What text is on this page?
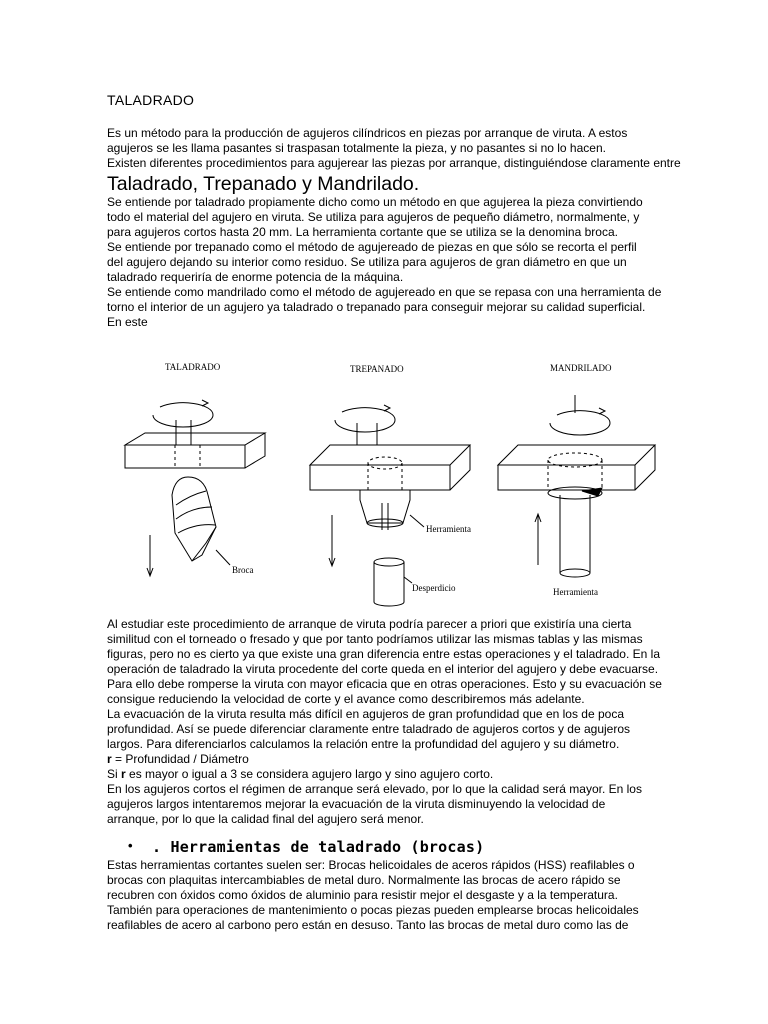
TALADRADO
Es un método para la producción de agujeros cilíndricos en piezas por arranque de viruta. A estos
agujeros se les llama pasantes si traspasan totalmente la pieza, y no pasantes si no lo hacen.
Existen diferentes procedimientos para agujerear las piezas por arranque, distinguiéndose claramente entre
Taladrado, Trepanado y Mandrilado.
Se entiende por taladrado propiamente dicho como un método en que agujerea la pieza convirtiendo
todo el material del agujero en viruta. Se utiliza para agujeros de pequeño diámetro, normalmente, y
para agujeros cortos hasta 20 mm. La herramienta cortante que se utiliza se la denomina broca.
Se entiende por trepanado como el método de agujereado de piezas en que sólo se recorta el perfil
del agujero dejando su interior como residuo. Se utiliza para agujeros de gran diámetro en que un
taladrado requeriría de enorme potencia de la máquina.
Se entiende como mandrilado como el método de agujereado en que se repasa con una herramienta de
torno el interior de un agujero ya taladrado o trepanado para conseguir mejorar su calidad superficial.
En este
TALADRADO
Broca
TREPANADO
Herramienta
Desperdicio
MANDRILADO
Herramienta
Al estudiar este procedimiento de arranque de viruta podría parecer a priori que existiría una cierta
similitud con el torneado o fresado y que por tanto podríamos utilizar las mismas tablas y las mismas
figuras, pero no es cierto ya que existe una gran diferencia entre estas operaciones y el taladrado. En la
operación de taladrado la viruta procedente del corte queda en el interior del agujero y debe evacuarse.
Para ello debe romperse la viruta con mayor eficacia que en otras operaciones. Esto y su evacuación se
consigue reduciendo la velocidad de corte y el avance como describiremos más adelante.
La evacuación de la viruta resulta más difícil en agujeros de gran profundidad que en los de poca
profundidad. Así se puede diferenciar claramente entre taladrado de agujeros cortos y de agujeros
largos. Para diferenciarlos calculamos la relación entre la profundidad del agujero y su diámetro.
r = Profundidad / Diámetro
Si r es mayor o igual a 3 se considera agujero largo y sino agujero corto.
En los agujeros cortos el régimen de arranque será elevado, por lo que la calidad será mayor. En los
agujeros largos intentaremos mejorar la evacuación de la viruta disminuyendo la velocidad de
arranque, por lo que la calidad final del agujero será menor.
• . Herramientas de taladrado (brocas)
Estas herramientas cortantes suelen ser: Brocas helicoidales de aceros rápidos (HSS) reafilables o
brocas con plaquitas intercambiables de metal duro. Normalmente las brocas de acero rápido se
recubren con óxidos como óxidos de aluminio para resistir mejor el desgaste y a la temperatura.
También para operaciones de mantenimiento o pocas piezas pueden emplearse brocas helicoidales
reafilables de acero al carbono pero están en desuso. Tanto las brocas de metal duro como las de
